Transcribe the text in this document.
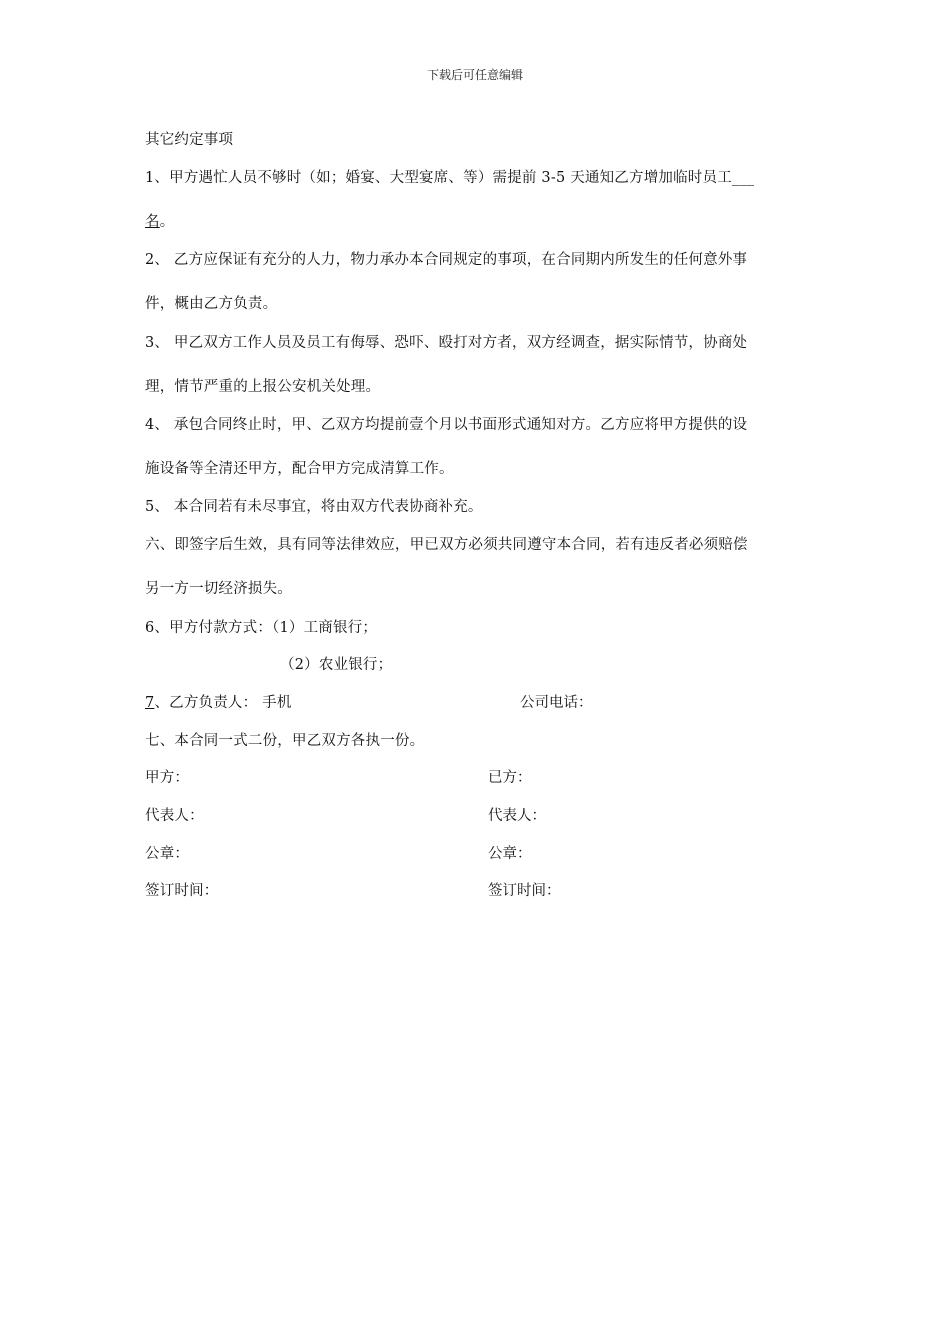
下载后可任意编辑
其它约定事项
1、甲方遇忙人员不够时（如；婚宴、大型宴席、等）需提前 3-5 天通知乙方增加临时员工___
名。
2、 乙方应保证有充分的人力，物力承办本合同规定的事项，在合同期内所发生的任何意外事
件，概由乙方负责。
3、 甲乙双方工作人员及员工有侮辱、恐吓、殴打对方者，双方经调查，据实际情节，协商处
理，情节严重的上报公安机关处理。
4、 承包合同终止时，甲、乙双方均提前壹个月以书面形式通知对方。乙方应将甲方提供的设
施设备等全清还甲方，配合甲方完成清算工作。
5、 本合同若有未尽事宜，将由双方代表协商补充。
六、即签字后生效，具有同等法律效应，甲已双方必须共同遵守本合同，若有违反者必须赔偿
另一方一切经济损失。
6、甲方付款方式：（1）工商银行；
（2）农业银行；
7、乙方负责人： 手机	公司电话：
七、本合同一式二份，甲乙双方各执一份。
甲方：	已方：
代表人：	代表人：
公章：	公章：
签订时间：	签订时间：
